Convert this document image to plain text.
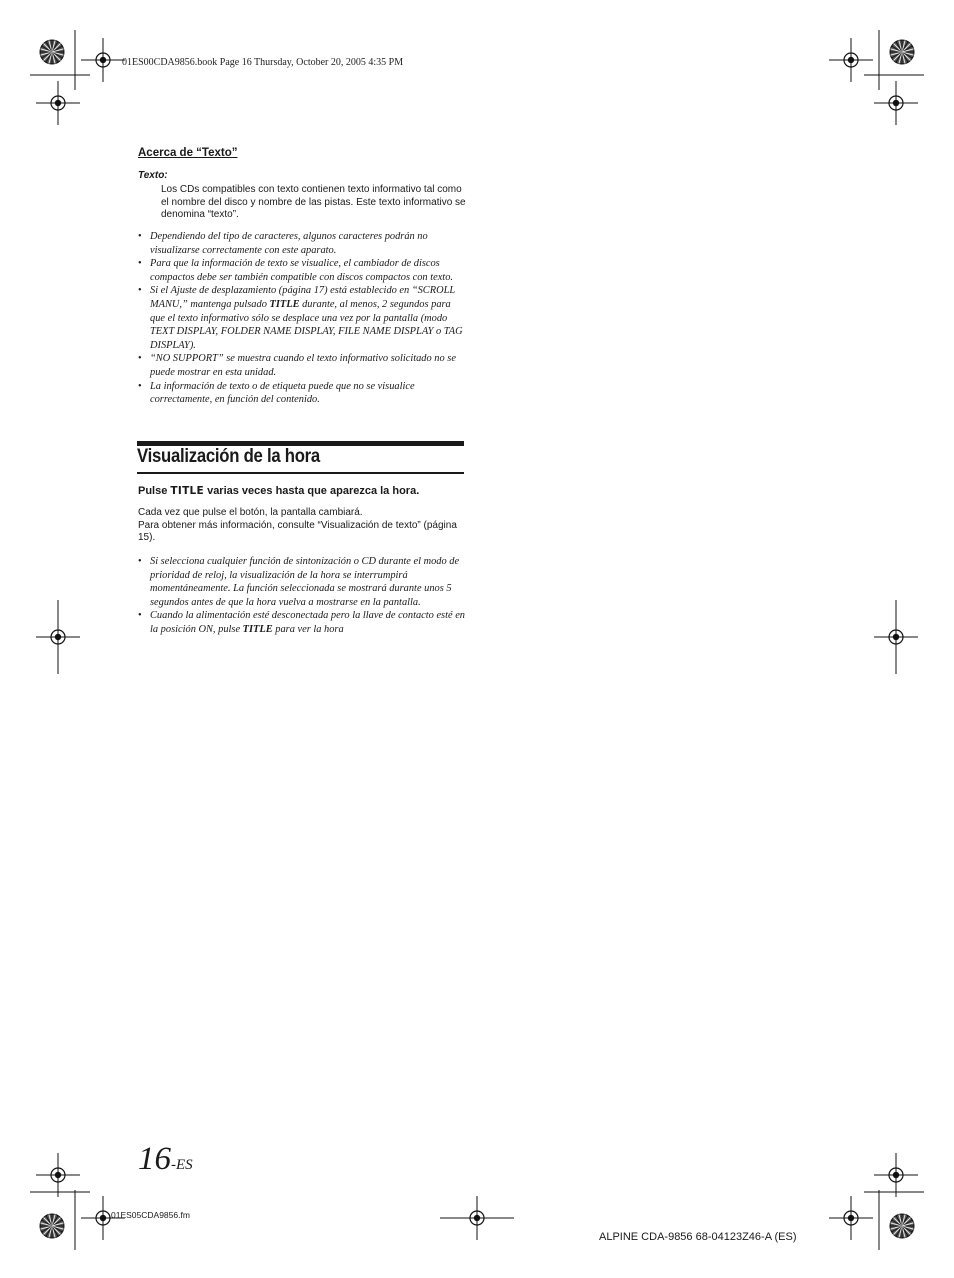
01ES00CDA9856.book Page 16 Thursday, October 20, 2005 4:35 PM
Acerca de “Texto”
Texto:
Los CDs compatibles con texto contienen texto informativo tal como el nombre del disco y nombre de las pistas. Este texto informativo se denomina “texto”.
• Dependiendo del tipo de caracteres, algunos caracteres podrán no visualizarse correctamente con este aparato.
• Para que la información de texto se visualice, el cambiador de discos compactos debe ser también compatible con discos compactos con texto.
• Si el Ajuste de desplazamiento (página 17) está establecido en “SCROLL MANU,” mantenga pulsado TITLE durante, al menos, 2 segundos para que el texto informativo sólo se desplace una vez por la pantalla (modo TEXT DISPLAY, FOLDER NAME DISPLAY, FILE NAME DISPLAY o TAG DISPLAY).
• “NO SUPPORT” se muestra cuando el texto informativo solicitado no se puede mostrar en esta unidad.
• La información de texto o de etiqueta puede que no se visualice correctamente, en función del contenido.
Visualización de la hora
Pulse TITLE varias veces hasta que aparezca la hora.
Cada vez que pulse el botón, la pantalla cambiará.
Para obtener más información, consulte “Visualización de texto” (página 15).
• Si selecciona cualquier función de sintonización o CD durante el modo de prioridad de reloj, la visualización de la hora se interrumpirá momentáneamente. La función seleccionada se mostrará durante unos 5 segundos antes de que la hora vuelva a mostrarse en la pantalla.
• Cuando la alimentación esté desconectada pero la llave de contacto esté en la posición ON, pulse TITLE para ver la hora
16-ES
01ES05CDA9856.fm
ALPINE CDA-9856 68-04123Z46-A (ES)
